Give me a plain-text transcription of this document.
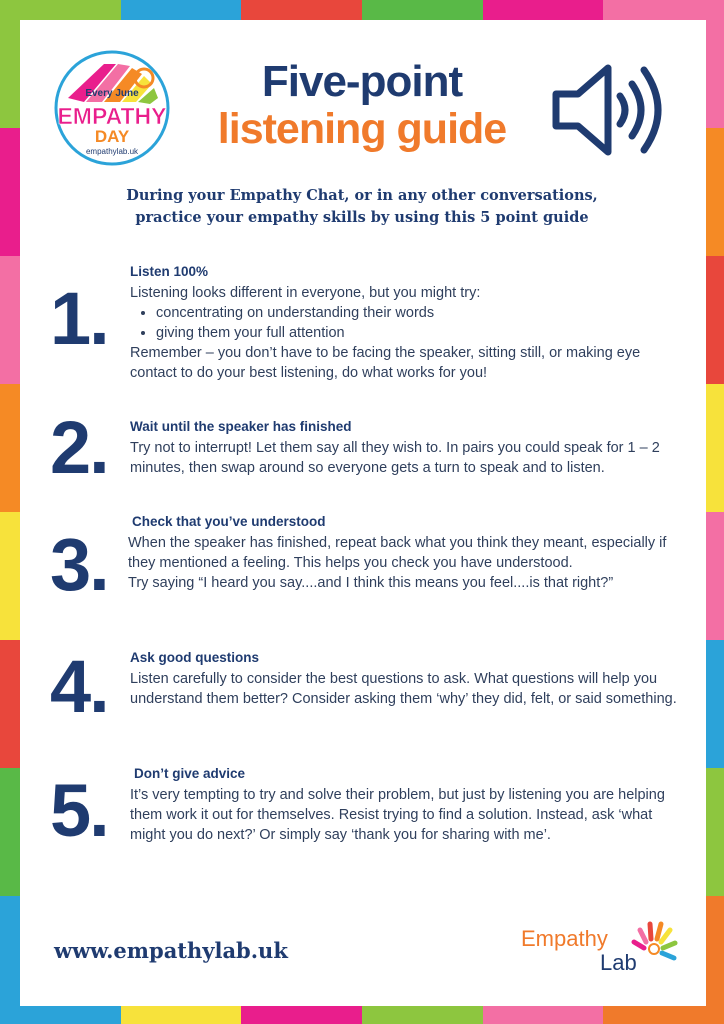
Every June
EMPATHY
DAY
empathylab.uk
Five-point
listening guide
During your Empathy Chat, or in any other conversations,
practice your empathy skills by using this 5 point guide
1.
Listen 100%

Listening looks different in everyone, but you might try:

• concentrating on understanding their words
• giving them your full attention

Remember – you don’t have to be facing the speaker, sitting still, or making eye contact to do your best listening, do what works for you!

2. Wait until the speaker has finished

Try not to interrupt! Let them say all they wish to. In pairs you could speak for 1 – 2 minutes, then swap around so everyone gets a turn to speak and to listen.

3.
Check that you’ve understood

When the speaker has finished, repeat back what you think they meant, especially if they mentioned a feeling. This helps you check you have understood.

Try saying “I heard you say....and I think this means you feel....is that right?”

4. Ask good questions

Listen carefully to consider the best questions to ask. What questions will help you understand them better? Consider asking them ‘why’ they did, felt, or said something.

5. Don’t give advice

It’s very tempting to try and solve their problem, but just by listening you are helping them work it out for themselves. Resist trying to find a solution. Instead, ask ‘what might you do next?’ Or simply say ‘thank you for sharing with me’.

www.empathylab.uk	Empathy
Lab
